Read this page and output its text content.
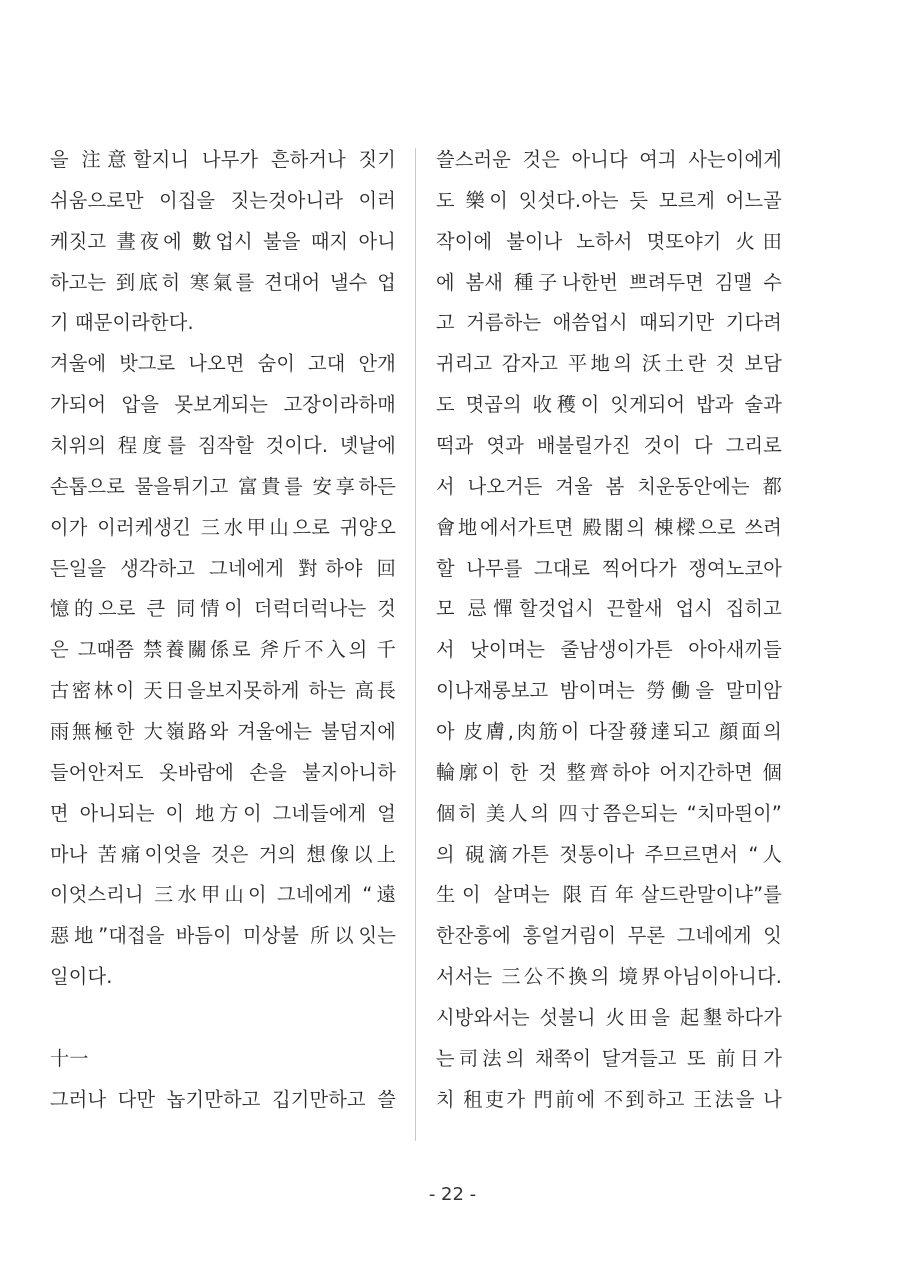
을 注意할지니 나무가 흔하거나 짓기
쉬움으로만 이집을 짓는것아니라 이러
케짓고 晝夜에 數업시 불을 때지 아니
하고는 到底히 寒氣를 견대어 낼수 업
기 때문이라한다.
겨울에 밧그로 나오면 숨이 고대 안개
가되어 압을 못보게되는 고장이라하매
치위의 程度를 짐작할 것이다. 녯날에
손톱으로 물을튀기고 富貴를 安享하든
이가 이러케생긴 三水甲山으로 귀양오
든일을 생각하고 그네에게 對하야 回
憶的으로 큰 同情이 더럭더럭나는 것
은 그때쯤 禁養關係로 斧斤不入의 千
古密林이 天日을보지못하게 하는 高長
雨無極한 大嶺路와 겨울에는 불덤지에
들어안저도 옷바람에 손을 불지아니하
면 아니되는 이 地方이 그네들에게 얼
마나 苦痛이엇을 것은 거의 想像以上
이엇스리니 三水甲山이 그네에게 “遠
惡地”대접을 바듬이 미상불 所以잇는
일이다.
十一
그러나 다만 놉기만하고 깁기만하고 쓸
쓸스러운 것은 아니다 여긔 사는이에게
도 樂이 잇섯다.아는 듯 모르게 어느골
작이에 불이나 노하서 몃또야기 火田
에 봄새 種子나한번 쁘려두면 김맬 수
고 거름하는 애씀업시 때되기만 기다려
귀리고 감자고 平地의 沃土란 것 보담
도 몃곱의 收穫이 잇게되어 밥과 술과
떡과 엿과 배불릴가진 것이 다 그리로
서 나오거든 겨울 봄 치운동안에는 都
會地에서가트면 殿閣의 棟樑으로 쓰려
할 나무를 그대로 찍어다가 쟁여노코아
모 忌憚할것업시 끈할새 업시 집히고
서 낫이며는 줄남생이가튼 아아새끼들
이나재롱보고 밤이며는 勞働을 말미암
아 皮膚,肉筋이 다잘發達되고 顔面의
輪廓이 한 것 整齊하야 어지간하면 個
個히 美人의 四寸쯤은되는 “치마띈이”
의 硯滴가튼 젓통이나 주므르면서 “人
生이 살며는 限百年살드란말이냐”를
한잔흥에 흥얼거림이 무론 그네에게 잇
서서는 三公不換의 境界아님이아니다.
시방와서는 섯불니 火田을 起墾하다가
는司法의 채쭉이 달겨들고 또 前日가
치 租吏가 門前에 不到하고 王法을 나
- 22 -
